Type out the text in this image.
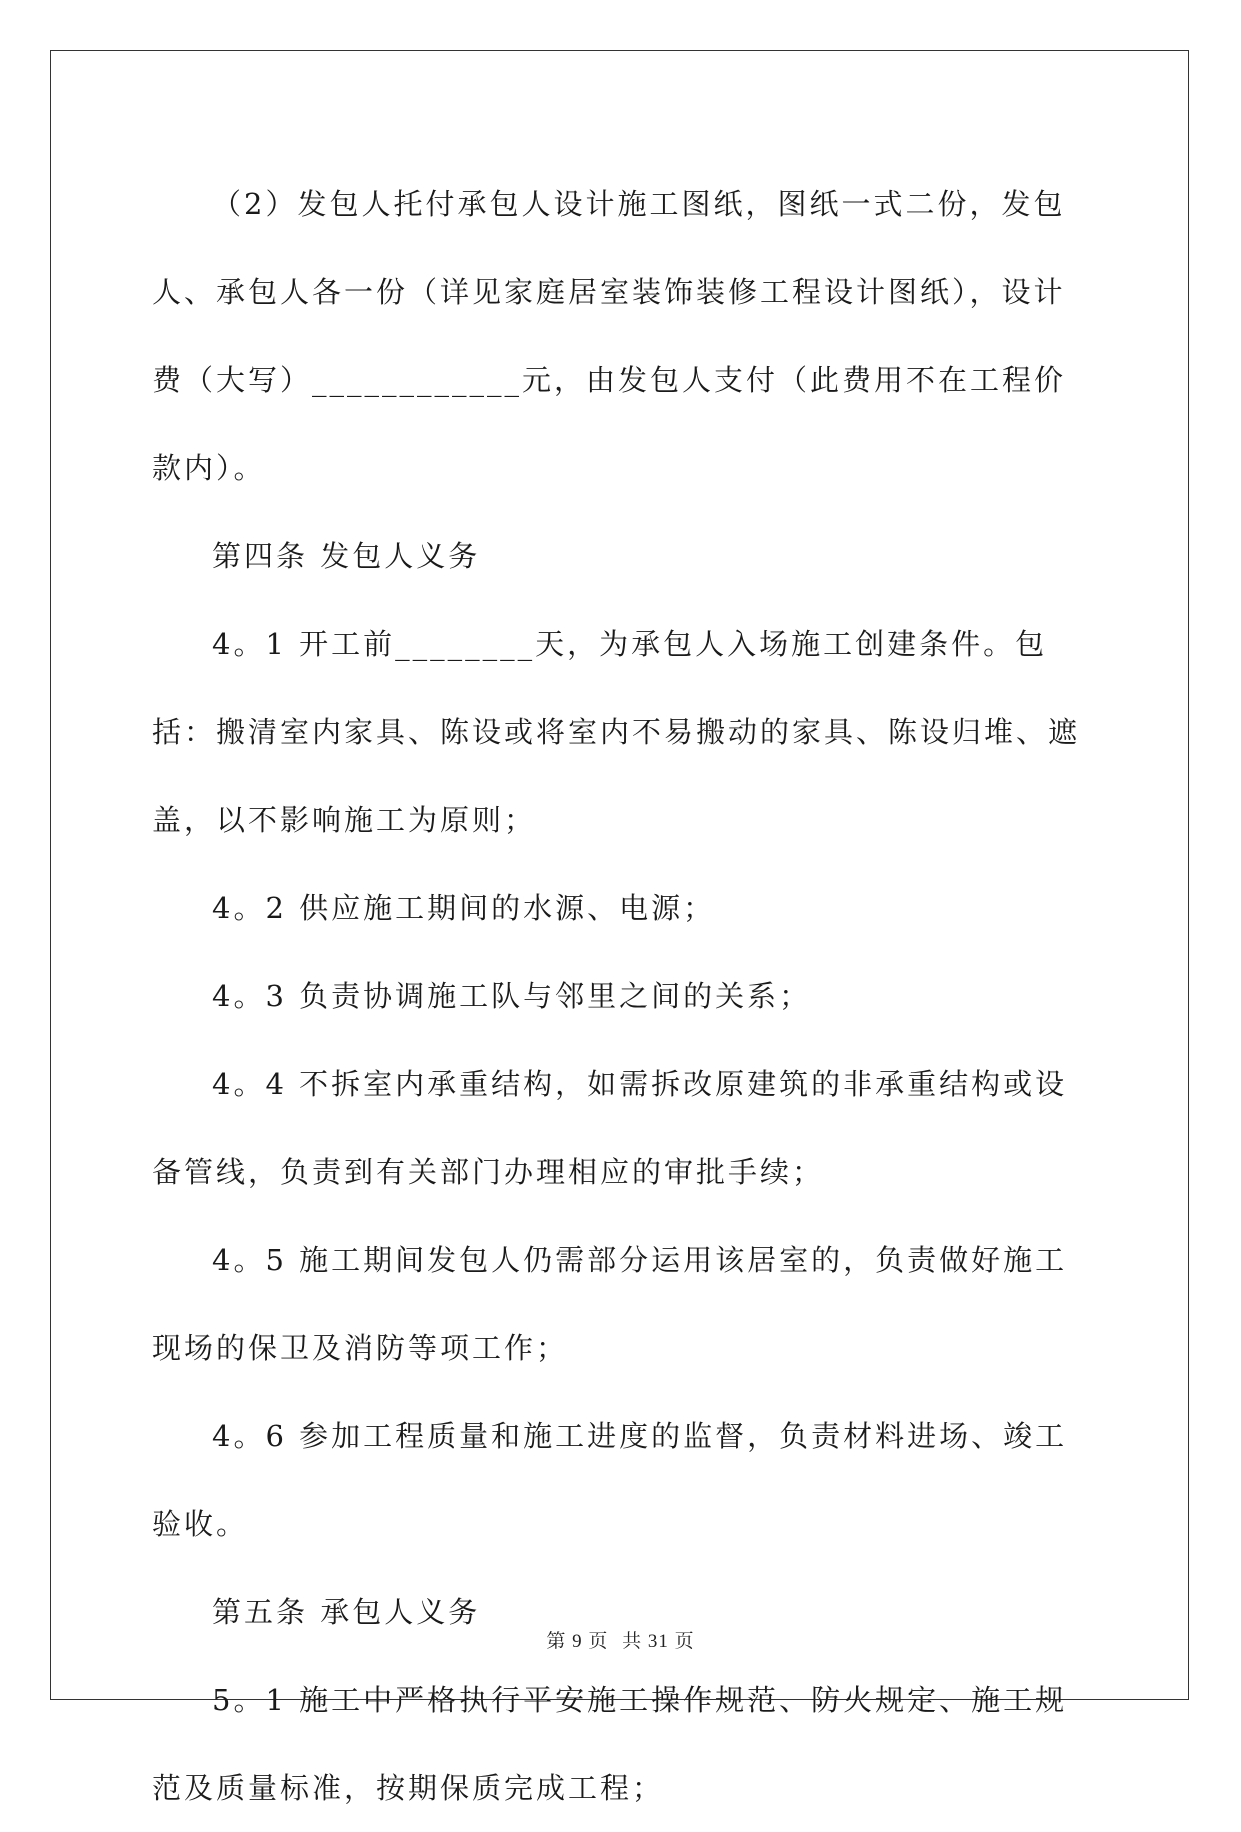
（2）发包人托付承包人设计施工图纸，图纸一式二份，发包人、承包人各一份（详见家庭居室装饰装修工程设计图纸），设计费（大写）____________元，由发包人支付（此费用不在工程价款内）。

第四条 发包人义务

4。1 开工前________天，为承包人入场施工创建条件。包括：搬清室内家具、陈设或将室内不易搬动的家具、陈设归堆、遮盖，以不影响施工为原则；

4。2 供应施工期间的水源、电源；

4。3 负责协调施工队与邻里之间的关系；

4。4 不拆室内承重结构，如需拆改原建筑的非承重结构或设备管线，负责到有关部门办理相应的审批手续；

4。5 施工期间发包人仍需部分运用该居室的，负责做好施工现场的保卫及消防等项工作；

4。6 参加工程质量和施工进度的监督，负责材料进场、竣工验收。

第五条 承包人义务

5。1 施工中严格执行平安施工操作规范、防火规定、施工规范及质量标准，按期保质完成工程；

第 9 页 共 31 页
